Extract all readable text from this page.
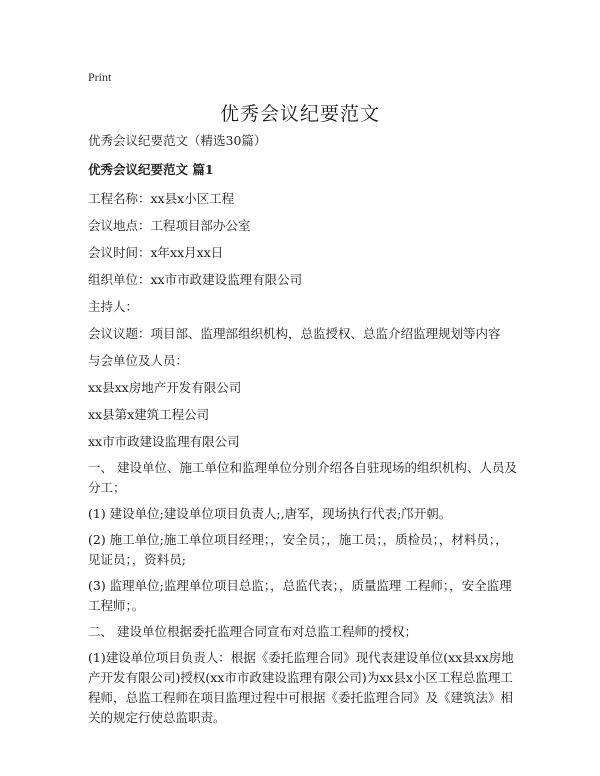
Print
优秀会议纪要范文

优秀会议纪要范文（精选30篇）

优秀会议纪要范文 篇1

工程名称：xx县x小区工程

会议地点：工程项目部办公室

会议时间：x年xx月xx日

组织单位：xx市市政建设监理有限公司

主持人：

会议议题：项目部、监理部组织机构，总监授权、总监介绍监理规划等内容

与会单位及人员：

xx县xx房地产开发有限公司

xx县第x建筑工程公司

xx市市政建设监理有限公司

一、 建设单位、施工单位和监理单位分别介绍各自驻现场的组织机构、人员及 分工；

(1) 建设单位;建设单位项目负责人;,唐军，现场执行代表;邝开朝。

(2) 施工单位;施工单位项目经理；，安全员；，施工员；，质检员；，材料员；，见证员；，资料员;

(3) 监理单位;监理单位项目总监；，总监代表；，质量监理 工程师；，安全监理工程师；。

二、 建设单位根据委托监理合同宣布对总监工程师的授权；

(1)建设单位项目负责人：根据《委托监理合同》现代表建设单位(xx县xx房地产开发有限公司)授权(xx市市政建设监理有限公司)为xx县x小区工程总监理工程师，总监工程师在项目监理过程中可根据《委托监理合同》及《建筑法》相关的规定行使总监职责。
